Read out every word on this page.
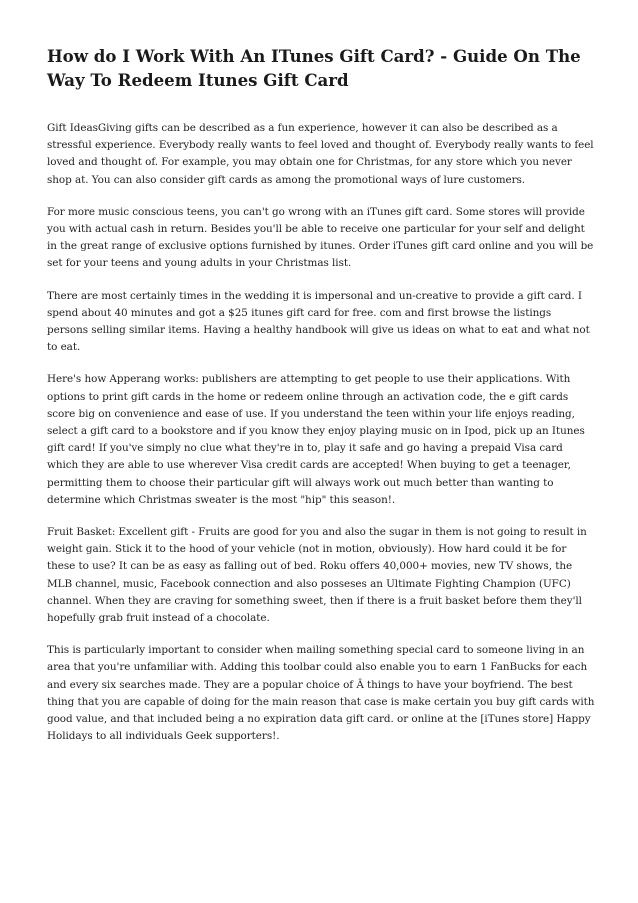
How do I Work With An ITunes Gift Card? - Guide On The Way To Redeem Itunes Gift Card

Gift IdeasGiving gifts can be described as a fun experience, however it can also be described as a stressful experience. Everybody really wants to feel loved and thought of. Everybody really wants to feel loved and thought of. For example, you may obtain one for Christmas, for any store which you never shop at. You can also consider gift cards as among the promotional ways of lure customers.

For more music conscious teens, you can't go wrong with an iTunes gift card. Some stores will provide you with actual cash in return. Besides you'll be able to receive one particular for your self and delight in the great range of exclusive options furnished by itunes. Order iTunes gift card online and you will be set for your teens and young adults in your Christmas list.

There are most certainly times in the wedding it is impersonal and un-creative to provide a gift card. I spend about 40 minutes and got a $25 itunes gift card for free. com and first browse the listings persons selling similar items. Having a healthy handbook will give us ideas on what to eat and what not to eat.

Here's how Apperang works: publishers are attempting to get people to use their applications. With options to print gift cards in the home or redeem online through an activation code, the e gift cards score big on convenience and ease of use. If you understand the teen within your life enjoys reading, select a gift card to a bookstore and if you know they enjoy playing music on in Ipod, pick up an Itunes gift card! If you've simply no clue what they're in to, play it safe and go having a prepaid Visa card which they are able to use wherever Visa credit cards are accepted! When buying to get a teenager, permitting them to choose their particular gift will always work out much better than wanting to determine which Christmas sweater is the most "hip" this season!.

Fruit Basket: Excellent gift - Fruits are good for you and also the sugar in them is not going to result in weight gain. Stick it to the hood of your vehicle (not in motion, obviously). How hard could it be for these to use? It can be as easy as falling out of bed. Roku offers 40,000+ movies, new TV shows, the MLB channel, music, Facebook connection and also posseses an Ultimate Fighting Champion (UFC) channel. When they are craving for something sweet, then if there is a fruit basket before them they'll hopefully grab fruit instead of a chocolate.

This is particularly important to consider when mailing something special card to someone living in an area that you're unfamiliar with. Adding this toolbar could also enable you to earn 1 FanBucks for each and every six searches made. They are a popular choice of Â things to have your boyfriend. The best thing that you are capable of doing for the main reason that case is make certain you buy gift cards with good value, and that included being a no expiration data gift card. or online at the [iTunes store] Happy Holidays to all individuals Geek supporters!.
